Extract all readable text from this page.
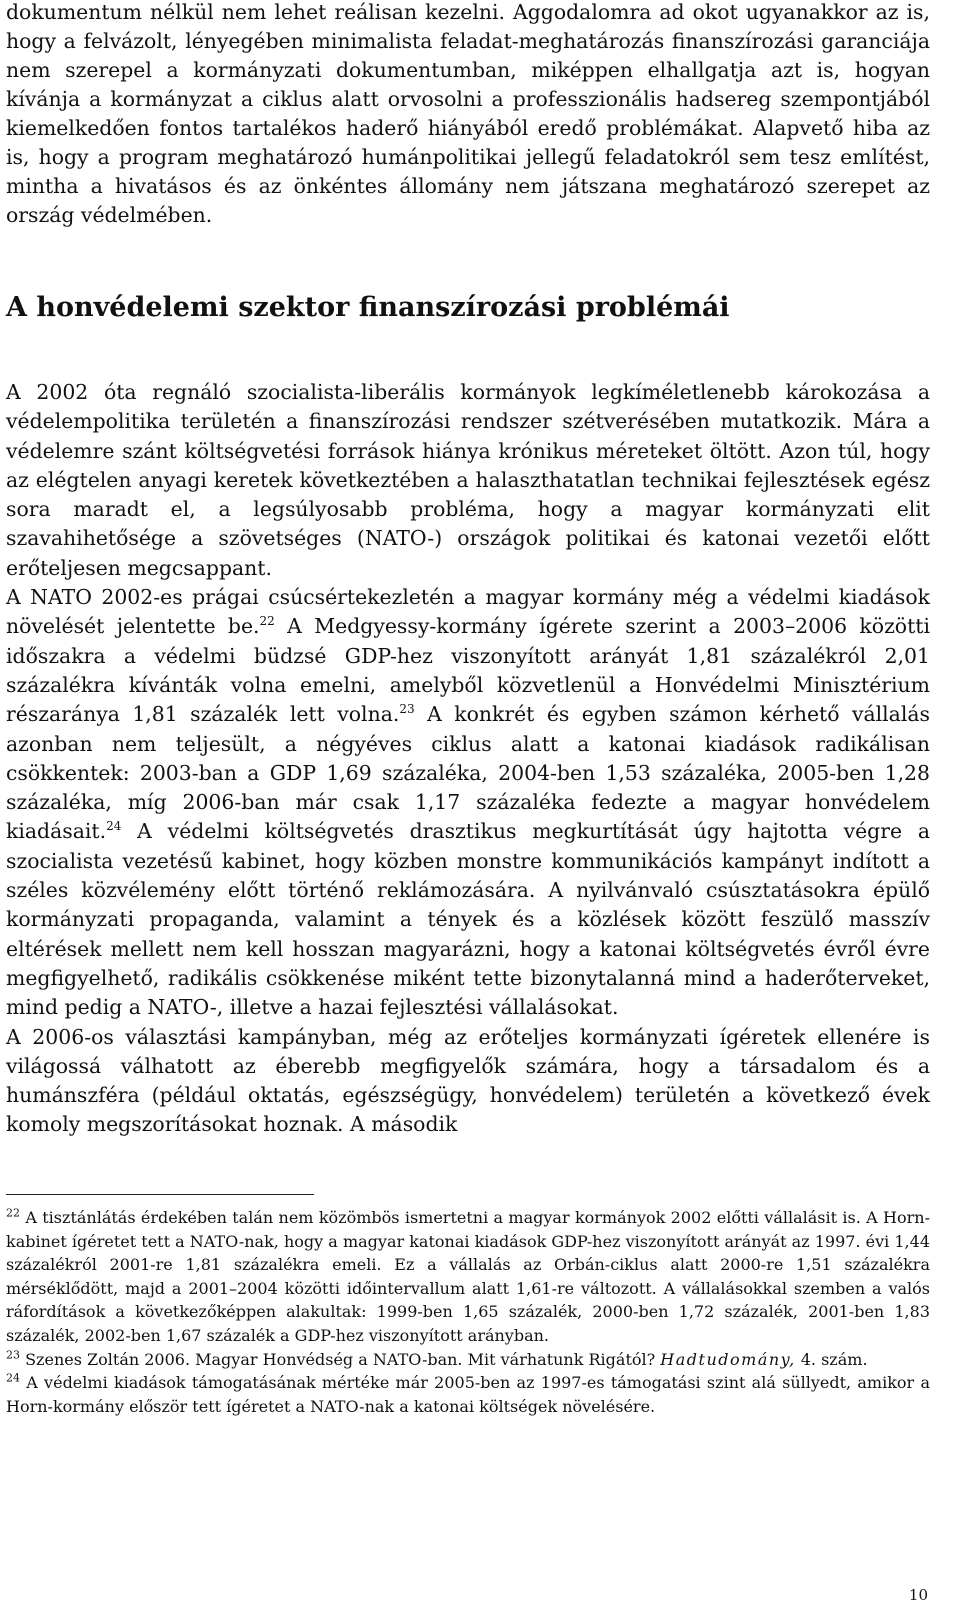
dokumentum nélkül nem lehet reálisan kezelni. Aggodalomra ad okot ugyanakkor az is, hogy a felvázolt, lényegében minimalista feladat-meghatározás finanszírozási garanciája nem szerepel a kormányzati dokumentumban, miképpen elhallgatja azt is, hogyan kívánja a kormányzat a ciklus alatt orvosolni a professzionális hadsereg szempontjából kiemelkedően fontos tartalékos haderő hiányából eredő problémákat. Alapvető hiba az is, hogy a program meghatározó humánpolitikai jellegű feladatokról sem tesz említést, mintha a hivatásos és az önkéntes állomány nem játszana meghatározó szerepet az ország védelmében.

A honvédelemi szektor finanszírozási problémái

A 2002 óta regnáló szocialista-liberális kormányok legkíméletlenebb károkozása a védelempolitika területén a finanszírozási rendszer szétverésében mutatkozik. Mára a védelemre szánt költségvetési források hiánya krónikus méreteket öltött. Azon túl, hogy az elégtelen anyagi keretek következtében a halaszthatatlan technikai fejlesztések egész sora maradt el, a legsúlyosabb probléma, hogy a magyar kormányzati elit szavahihetősége a szövetséges (NATO-) országok politikai és katonai vezetői előtt erőteljesen megcsappant.

A NATO 2002-es prágai csúcsértekezletén a magyar kormány még a védelmi kiadások növelését jelentette be.$^{22}$ A Medgyessy-kormány ígérete szerint a 2003–2006 közötti időszakra a védelmi büdzsé GDP-hez viszonyított arányát 1,81 százalékról 2,01 százalékra kívánták volna emelni, amelyből közvetlenül a Honvédelmi Minisztérium részaránya 1,81 százalék lett volna.$^{23}$ A konkrét és egyben számon kérhető vállalás azonban nem teljesült, a négyéves ciklus alatt a katonai kiadások radikálisan csökkentek: 2003-ban a GDP 1,69 százaléka, 2004-ben 1,53 százaléka, 2005-ben 1,28 százaléka, míg 2006-ban már csak 1,17 százaléka fedezte a magyar honvédelem kiadásait.$^{24}$ A védelmi költségvetés drasztikus megkurtítását úgy hajtotta végre a szocialista vezetésű kabinet, hogy közben monstre kommunikációs kampányt indított a széles közvélemény előtt történő reklámozására. A nyilvánvaló csúsztatásokra épülő kormányzati propaganda, valamint a tények és a közlések között feszülő masszív eltérések mellett nem kell hosszan magyarázni, hogy a katonai költségvetés évről évre megfigyelhető, radikális csökkenése miként tette bizonytalanná mind a haderőterveket, mind pedig a NATO-, illetve a hazai fejlesztési vállalásokat.

A 2006-os választási kampányban, még az erőteljes kormányzati ígéretek ellenére is világossá válhatott az éberebb megfigyelők számára, hogy a társadalom és a humánszféra (például oktatás, egészségügy, honvédelem) területén a következő évek komoly megszorításokat hoznak. A második

$^{22}$ A tisztánlátás érdekében talán nem közömbös ismertetni a magyar kormányok 2002 előtti vállalásit is. A Horn-kabinet ígéretet tett a NATO-nak, hogy a magyar katonai kiadások GDP-hez viszonyított arányát az 1997. évi 1,44 százalékról 2001-re 1,81 százalékra emeli. Ez a vállalás az Orbán-ciklus alatt 2000-re 1,51 százalékra mérséklődött, majd a 2001–2004 közötti időintervallum alatt 1,61-re változott. A vállalásokkal szemben a valós ráfordítások a következőképpen alakultak: 1999-ben 1,65 százalék, 2000-ben 1,72 százalék, 2001-ben 1,83 százalék, 2002-ben 1,67 százalék a GDP-hez viszonyított arányban.

$^{23}$ Szenes Zoltán 2006. Magyar Honvédség a NATO-ban. Mit várhatunk Rigától? Hadtudomány, 4. szám.

$^{24}$ A védelmi kiadások támogatásának mértéke már 2005-ben az 1997-es támogatási szint alá süllyedt, amikor a Horn-kormány először tett ígéretet a NATO-nak a katonai költségek növelésére.

10
